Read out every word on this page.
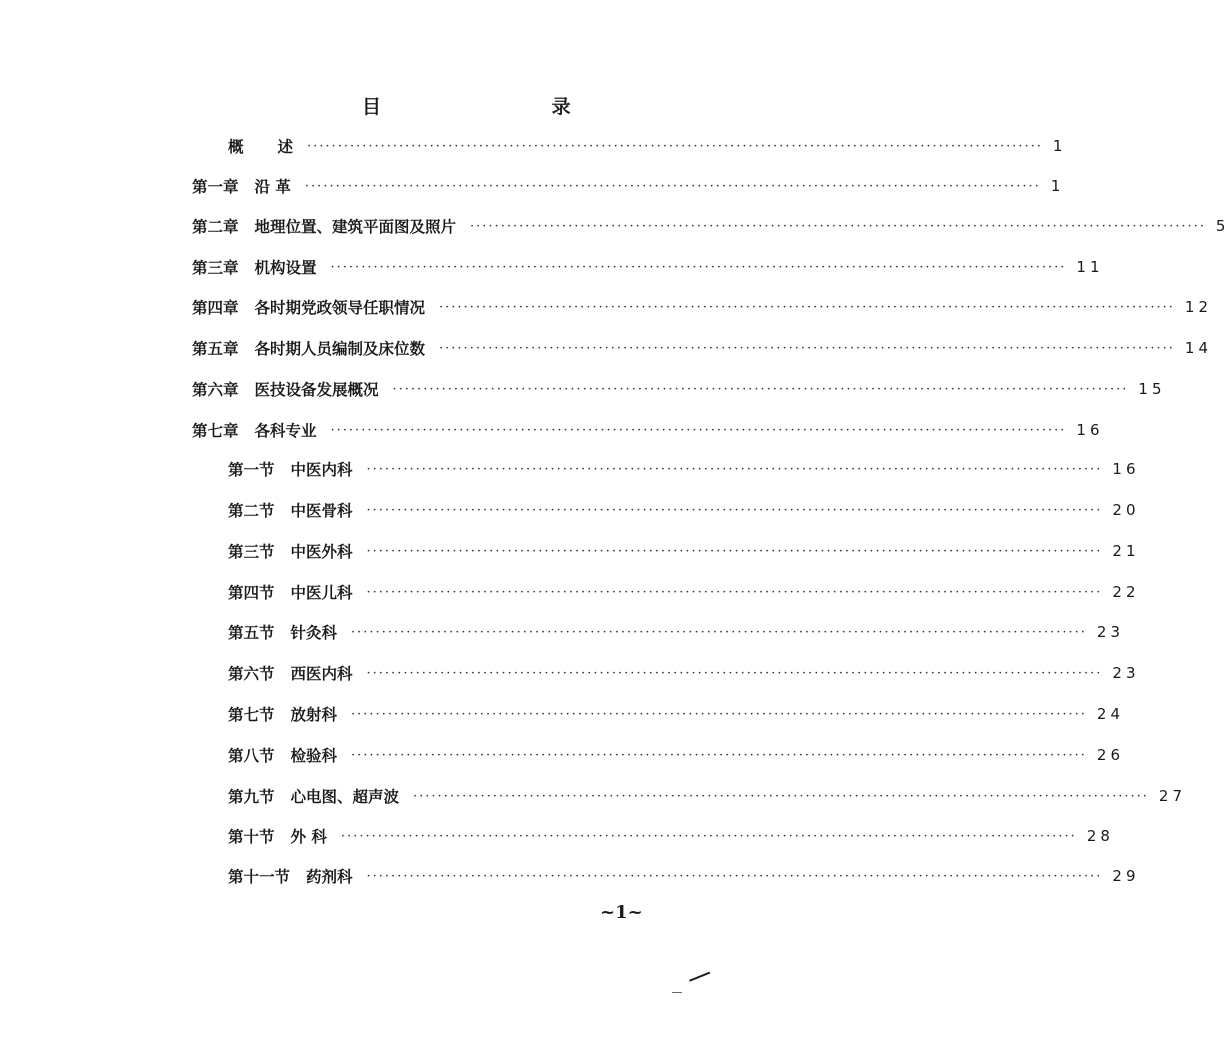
目 录
概 述 ························································································································ 1
第一章 沿 革 ························································································································ 1
第二章 地理位置、建筑平面图及照片 ························································································································ 5
第三章 机构设置 ························································································································ 11
第四章 各时期党政领导任职情况 ························································································································ 12
第五章 各时期人员编制及床位数 ························································································································ 14
第六章 医技设备发展概况 ························································································································ 15
第七章 各科专业 ························································································································ 16
第一节 中医内科 ························································································································ 16
第二节 中医骨科 ························································································································ 20
第三节 中医外科 ························································································································ 21
第四节 中医儿科 ························································································································ 22
第五节 针灸科 ························································································································ 23
第六节 西医内科 ························································································································ 23
第七节 放射科 ························································································································ 24
第八节 检验科 ························································································································ 26
第九节 心电图、超声波 ························································································································ 27
第十节 外 科 ························································································································ 28
第十一节 药剂科 ························································································································ 29
~1~
